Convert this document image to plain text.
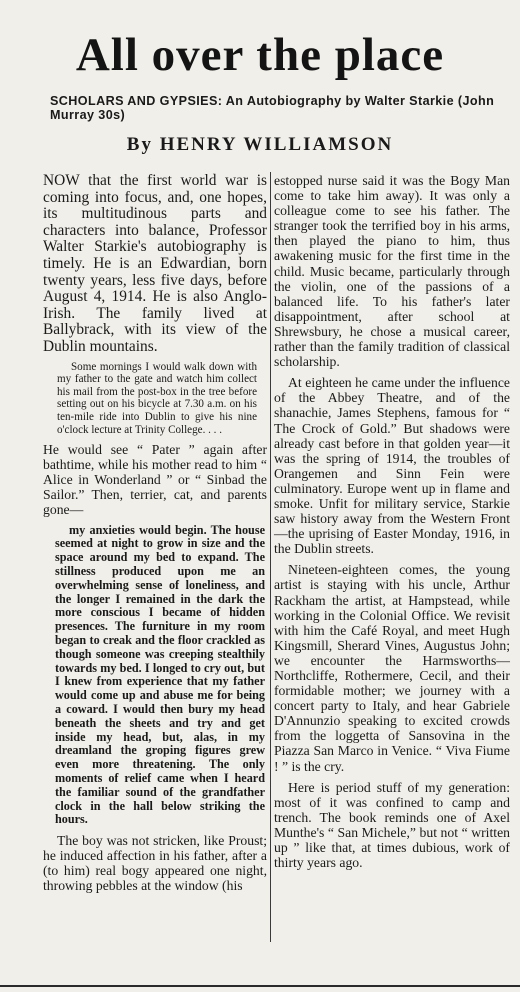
All over the place
SCHOLARS AND GYPSIES: An Autobiography by Walter Starkie (John Murray 30s)
By HENRY WILLIAMSON

NOW that the first world war is coming into focus, and, one hopes, its multitudinous parts and characters into balance, Professor Walter Starkie's autobiography is timely. He is an Edwardian, born twenty years, less five days, before August 4, 1914. He is also Anglo-Irish. The family lived at Ballybrack, with its view of the Dublin mountains.

Some mornings I would walk down with my father to the gate and watch him collect his mail from the post-box in the tree before setting out on his bicycle at 7.30 a.m. on his ten-mile ride into Dublin to give his nine o'clock lecture at Trinity College. . . .

He would see “ Pater ” again after bathtime, while his mother read to him “ Alice in Wonderland ” or “ Sinbad the Sailor.” Then, terrier, cat, and parents gone—

my anxieties would begin. The house seemed at night to grow in size and the space around my bed to expand. The stillness produced upon me an overwhelming sense of loneliness, and the longer I remained in the dark the more conscious I became of hidden presences. The furniture in my room began to creak and the floor crackled as though someone was creeping stealthily towards my bed. I longed to cry out, but I knew from experience that my father would come up and abuse me for being a coward. I would then bury my head beneath the sheets and try and get inside my head, but, alas, in my dreamland the groping figures grew even more threatening. The only moments of relief came when I heard the familiar sound of the grandfather clock in the hall below striking the hours.

The boy was not stricken, like Proust; he induced affection in his father, after a (to him) real bogy appeared one night, throwing pebbles at the window (his

estopped nurse said it was the Bogy Man come to take him away). It was only a colleague come to see his father. The stranger took the terrified boy in his arms, then played the piano to him, thus awakening music for the first time in the child. Music became, particularly through the violin, one of the passions of a balanced life. To his father's later disappointment, after school at Shrewsbury, he chose a musical career, rather than the family tradition of classical scholarship.

At eighteen he came under the influence of the Abbey Theatre, and of the shanachie, James Stephens, famous for “ The Crock of Gold.” But shadows were already cast before in that golden year—it was the spring of 1914, the troubles of Orangemen and Sinn Fein were culminatory. Europe went up in flame and smoke. Unfit for military service, Starkie saw history away from the Western Front—the uprising of Easter Monday, 1916, in the Dublin streets.

Nineteen-eighteen comes, the young artist is staying with his uncle, Arthur Rackham the artist, at Hampstead, while working in the Colonial Office. We revisit with him the Café Royal, and meet Hugh Kingsmill, Sherard Vines, Augustus John; we encounter the Harmsworths—Northcliffe, Rothermere, Cecil, and their formidable mother; we journey with a concert party to Italy, and hear Gabriele D'Annunzio speaking to excited crowds from the loggetta of Sansovina in the Piazza San Marco in Venice. “ Viva Fiume ! ” is the cry.

Here is period stuff of my generation: most of it was confined to camp and trench. The book reminds one of Axel Munthe's “ San Michele,” but not “ written up ” like that, at times dubious, work of thirty years ago.
